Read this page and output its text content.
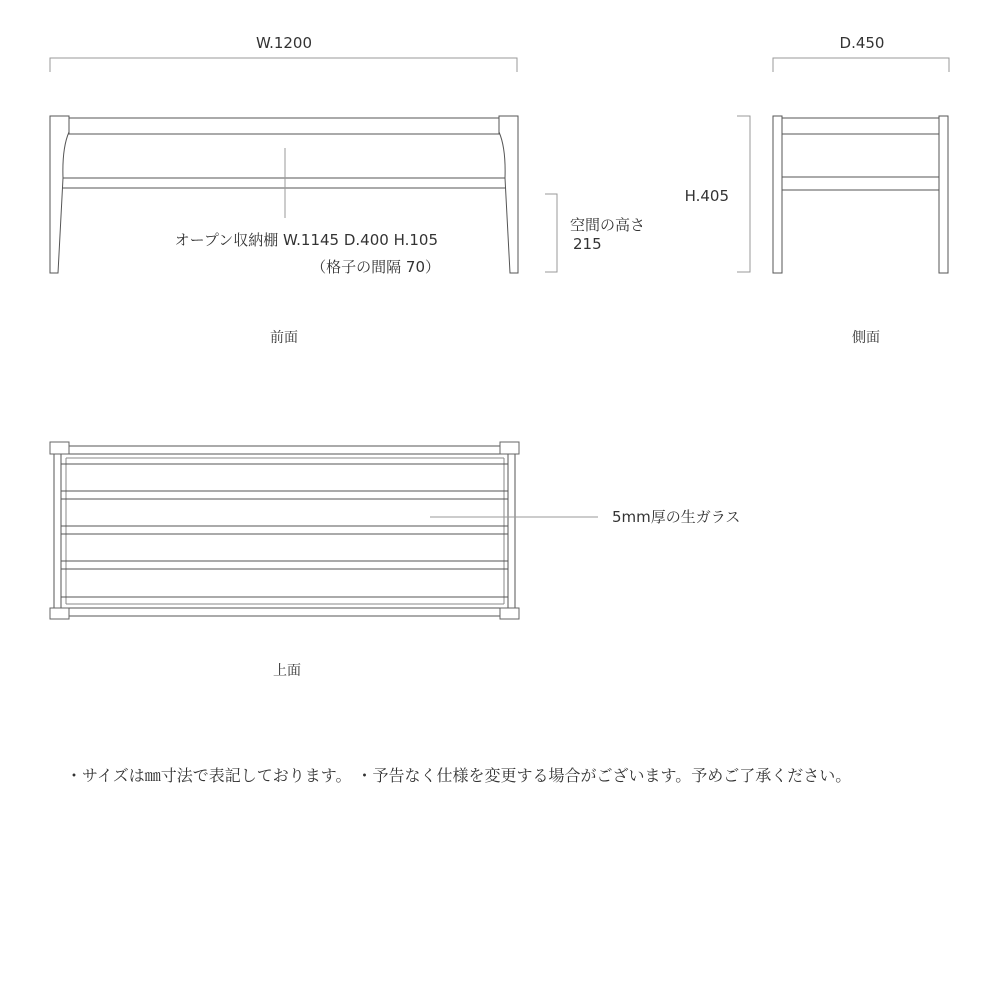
W.1200	D.450
オープン収納棚 W.1145 D.400 H.105
（格子の間隔 70）
空間の高さ
215
前面
H.405
側面
5mm厚の生ガラス
上面
・サイズは㎜寸法で表記しております。 ・予告なく仕様を変更する場合がございます。予めご了承ください。
